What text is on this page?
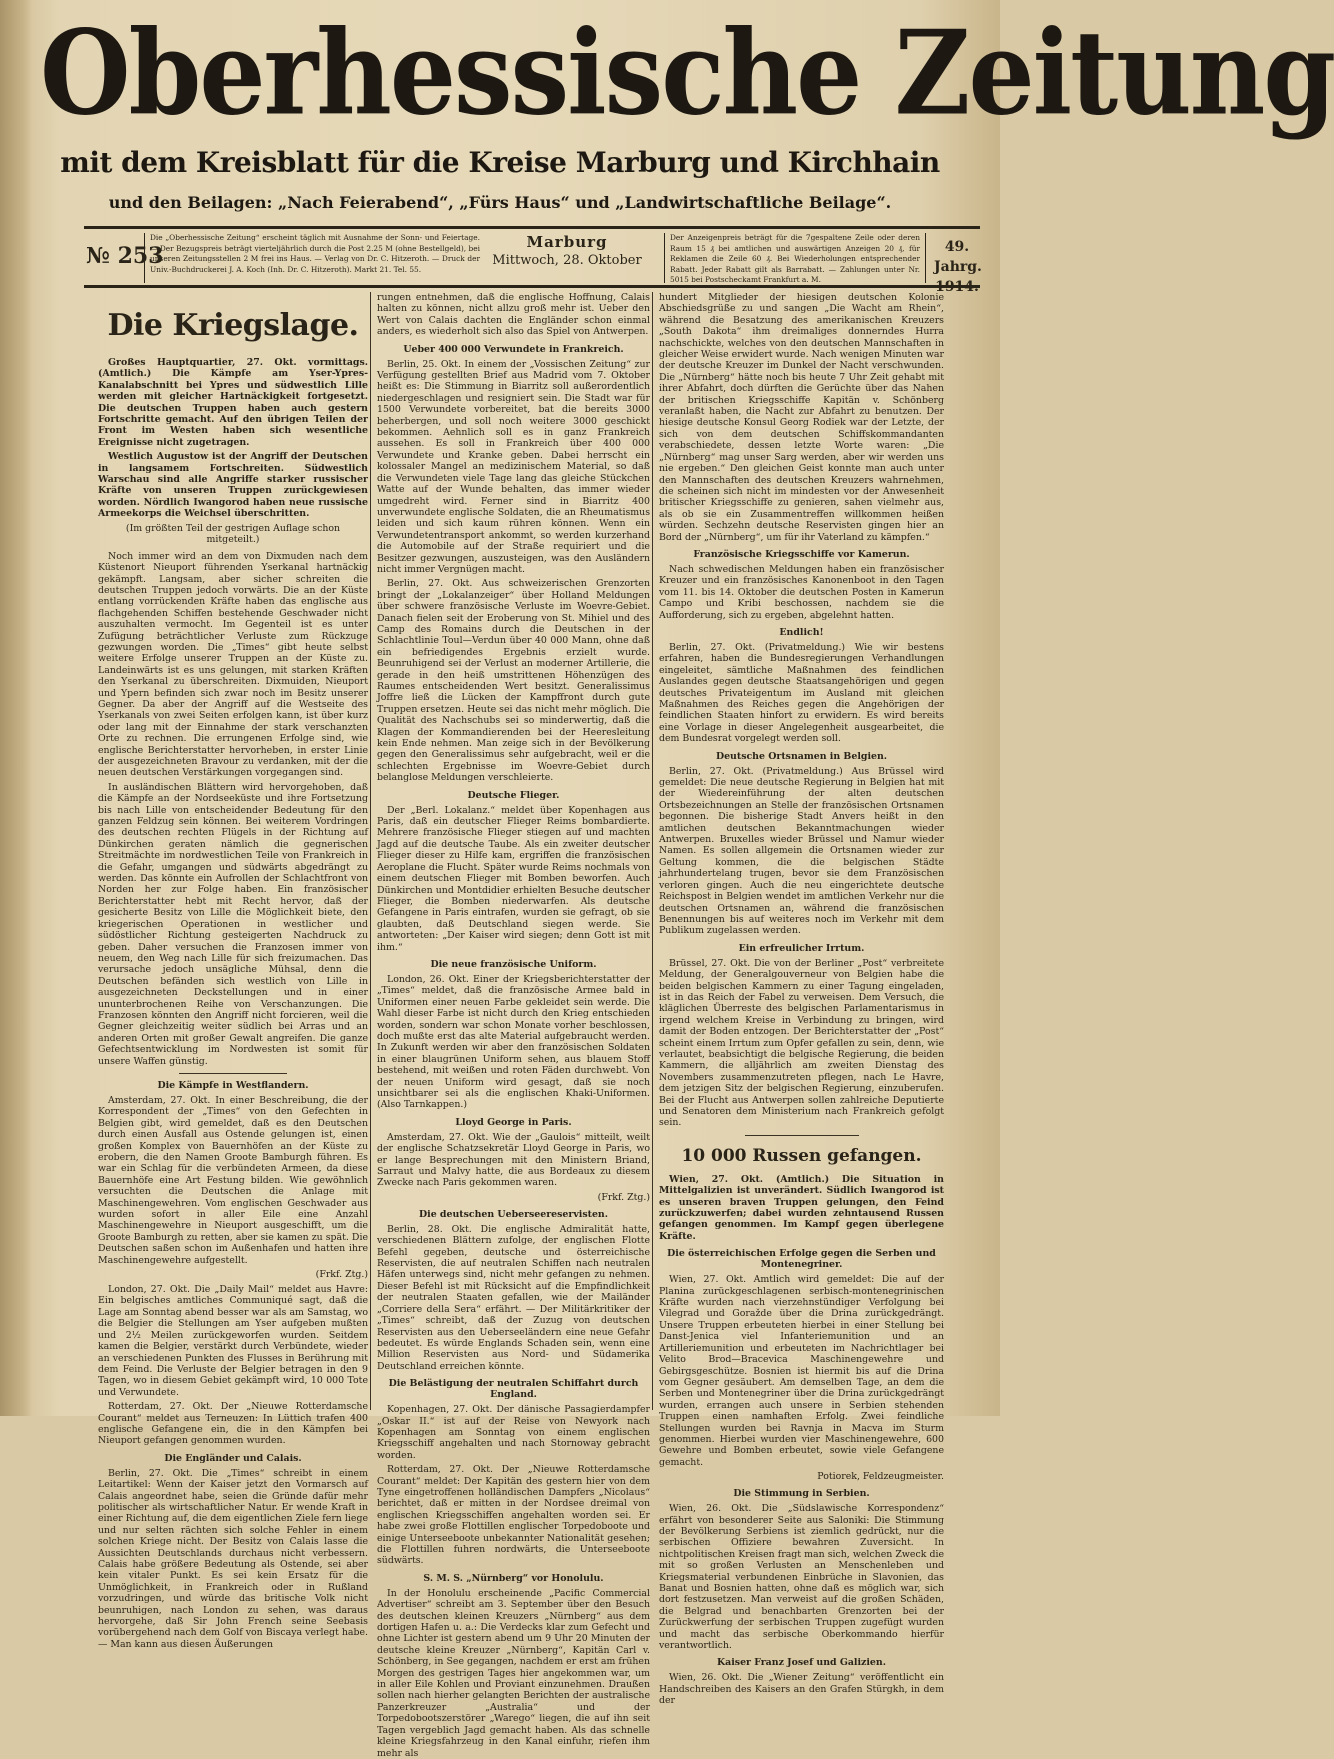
Oberhessische Zeitung
mit dem Kreisblatt für die Kreise Marburg und Kirchhain
und den Beilagen: „Nach Feierabend“, „Fürs Haus“ und „Landwirtschaftliche Beilage“.
№ 253
Die „Oberhessische Zeitung“ erscheint täglich mit Ausnahme der Sonn- und Feiertage. — Der Bezugspreis beträgt vierteljährlich durch die Post 2.25 M (ohne Bestellgeld), bei unseren Zeitungsstellen 2 M frei ins Haus. — Verlag von Dr. C. Hitzeroth. — Druck der Univ.-Buchdruckerei J. A. Koch (Inh. Dr. C. Hitzeroth). Markt 21. Tel. 55.
Marburg
Mittwoch, 28. Oktober
Der Anzeigenpreis beträgt für die 7gespaltene Zeile oder deren Raum 15 ₰ bei amtlichen und auswärtigen Anzeigen 20 ₰, für Reklamen die Zeile 60 ₰. Bei Wiederholungen entsprechender Rabatt. Jeder Rabatt gilt als Barrabatt. — Zahlungen unter Nr. 5015 bei Postscheckamt Frankfurt a. M.
49. Jahrg.
1914.
Die Kriegslage.

Großes Hauptquartier, 27. Okt. vormittags. (Amtlich.) Die Kämpfe am Yser-Ypres-Kanalabschnitt bei Ypres und südwestlich Lille werden mit gleicher Hartnäckigkeit fortgesetzt. Die deutschen Truppen haben auch gestern Fortschritte gemacht. Auf den übrigen Teilen der Front im Westen haben sich wesentliche Ereignisse nicht zugetragen.

Westlich Augustow ist der Angriff der Deutschen in langsamem Fortschreiten. Südwestlich Warschau sind alle Angriffe starker russischer Kräfte von unseren Truppen zurückgewiesen worden. Nördlich Iwangorod haben neue russische Armeekorps die Weichsel überschritten.

(Im größten Teil der gestrigen Auflage schon mitgeteilt.)

Noch immer wird an dem von Dixmuden nach dem Küstenort Nieuport führenden Yserkanal hartnäckig gekämpft. Langsam, aber sicher schreiten die deutschen Truppen jedoch vorwärts. Die an der Küste entlang vorrückenden Kräfte haben das englische aus flachgehenden Schiffen bestehende Geschwader nicht auszuhalten vermocht. Im Gegenteil ist es unter Zufügung beträchtlicher Verluste zum Rückzuge gezwungen worden. Die „Times“ gibt heute selbst weitere Erfolge unserer Truppen an der Küste zu. Landeinwärts ist es uns gelungen, mit starken Kräften den Yserkanal zu überschreiten. Dixmuiden, Nieuport und Ypern befinden sich zwar noch im Besitz unserer Gegner. Da aber der Angriff auf die Westseite des Yserkanals von zwei Seiten erfolgen kann, ist über kurz oder lang mit der Einnahme der stark verschanzten Orte zu rechnen. Die errungenen Erfolge sind, wie englische Berichterstatter hervorheben, in erster Linie der ausgezeichneten Bravour zu verdanken, mit der die neuen deutschen Verstärkungen vorgegangen sind.

In ausländischen Blättern wird hervorgehoben, daß die Kämpfe an der Nordseeküste und ihre Fortsetzung bis nach Lille von entscheidender Bedeutung für den ganzen Feldzug sein können. Bei weiterem Vordringen des deutschen rechten Flügels in der Richtung auf Dünkirchen geraten nämlich die gegnerischen Streitmächte im nordwestlichen Teile von Frankreich in die Gefahr, umgangen und südwärts abgedrängt zu werden. Das könnte ein Aufrollen der Schlachtfront von Norden her zur Folge haben. Ein französischer Berichterstatter hebt mit Recht hervor, daß der gesicherte Besitz von Lille die Möglichkeit biete, den kriegerischen Operationen in westlicher und südöstlicher Richtung gesteigerten Nachdruck zu geben. Daher versuchen die Franzosen immer von neuem, den Weg nach Lille für sich freizumachen. Das verursache jedoch unsägliche Mühsal, denn die Deutschen befänden sich westlich von Lille in ausgezeichneten Deckstellungen und in einer ununterbrochenen Reihe von Verschanzungen. Die Franzosen könnten den Angriff nicht forcieren, weil die Gegner gleichzeitig weiter südlich bei Arras und an anderen Orten mit großer Gewalt angreifen. Die ganze Gefechtsentwicklung im Nordwesten ist somit für unsere Waffen günstig.

Die Kämpfe in Westflandern.

Amsterdam, 27. Okt. In einer Beschreibung, die der Korrespondent der „Times“ von den Gefechten in Belgien gibt, wird gemeldet, daß es den Deutschen durch einen Ausfall aus Ostende gelungen ist, einen großen Komplex von Bauernhöfen an der Küste zu erobern, die den Namen Groote Bamburgh führen. Es war ein Schlag für die verbündeten Armeen, da diese Bauernhöfe eine Art Festung bilden. Wie gewöhnlich versuchten die Deutschen die Anlage mit Maschinengewehren. Vom englischen Geschwader aus wurden sofort in aller Eile eine Anzahl Maschinengewehre in Nieuport ausgeschifft, um die Groote Bamburgh zu retten, aber sie kamen zu spät. Die Deutschen saßen schon im Außenhafen und hatten ihre Maschinengewehre aufgestellt.

(Frkf. Ztg.)

London, 27. Okt. Die „Daily Mail“ meldet aus Havre: Ein belgisches amtliches Communiqué sagt, daß die Lage am Sonntag abend besser war als am Samstag, wo die Belgier die Stellungen am Yser aufgeben mußten und 2½ Meilen zurückgeworfen wurden. Seitdem kamen die Belgier, verstärkt durch Verbündete, wieder an verschiedenen Punkten des Flusses in Berührung mit dem Feind. Die Verluste der Belgier betragen in den 9 Tagen, wo in diesem Gebiet gekämpft wird, 10 000 Tote und Verwundete.

Rotterdam, 27. Okt. Der „Nieuwe Rotterdamsche Courant“ meldet aus Terneuzen: In Lüttich trafen 400 englische Gefangene ein, die in den Kämpfen bei Nieuport gefangen genommen wurden.

Die Engländer und Calais.

Berlin, 27. Okt. Die „Times“ schreibt in einem Leitartikel: Wenn der Kaiser jetzt den Vormarsch auf Calais angeordnet habe, seien die Gründe dafür mehr politischer als wirtschaftlicher Natur. Er wende Kraft in einer Richtung auf, die dem eigentlichen Ziele fern liege und nur selten rächten sich solche Fehler in einem solchen Kriege nicht. Der Besitz von Calais lasse die Aussichten Deutschlands durchaus nicht verbessern. Calais habe größere Bedeutung als Ostende, sei aber kein vitaler Punkt. Es sei kein Ersatz für die Unmöglichkeit, in Frankreich oder in Rußland vorzudringen, und würde das britische Volk nicht beunruhigen, nach London zu sehen, was daraus hervorgehe, daß Sir John French seine Seebasis vorübergehend nach dem Golf von Biscaya verlegt habe. — Man kann aus diesen Äußerungen

rungen entnehmen, daß die englische Hoffnung, Calais halten zu können, nicht allzu groß mehr ist. Ueber den Wert von Calais dachten die Engländer schon einmal anders, es wiederholt sich also das Spiel von Antwerpen.

Ueber 400 000 Verwundete in Frankreich.

Berlin, 25. Okt. In einem der „Vossischen Zeitung“ zur Verfügung gestellten Brief aus Madrid vom 7. Oktober heißt es: Die Stimmung in Biarritz soll außerordentlich niedergeschlagen und resigniert sein. Die Stadt war für 1500 Verwundete vorbereitet, bat die bereits 3000 beherbergen, und soll noch weitere 3000 geschickt bekommen. Aehnlich soll es in ganz Frankreich aussehen. Es soll in Frankreich über 400 000 Verwundete und Kranke geben. Dabei herrscht ein kolossaler Mangel an medizinischem Material, so daß die Verwundeten viele Tage lang das gleiche Stückchen Watte auf der Wunde behalten, das immer wieder umgedreht wird. Ferner sind in Biarritz 400 unverwundete englische Soldaten, die an Rheumatismus leiden und sich kaum rühren können. Wenn ein Verwundetentransport ankommt, so werden kurzerhand die Automobile auf der Straße requiriert und die Besitzer gezwungen, auszusteigen, was den Ausländern nicht immer Vergnügen macht.

Berlin, 27. Okt. Aus schweizerischen Grenzorten bringt der „Lokalanzeiger“ über Holland Meldungen über schwere französische Verluste im Woevre-Gebiet. Danach fielen seit der Eroberung von St. Mihiel und des Camp des Romains durch die Deutschen in der Schlachtlinie Toul—Verdun über 40 000 Mann, ohne daß ein befriedigendes Ergebnis erzielt wurde. Beunruhigend sei der Verlust an moderner Artillerie, die gerade in den heiß umstrittenen Höhenzügen des Raumes entscheidenden Wert besitzt. Generalissimus Joffre ließ die Lücken der Kampffront durch gute Truppen ersetzen. Heute sei das nicht mehr möglich. Die Qualität des Nachschubs sei so minderwertig, daß die Klagen der Kommandierenden bei der Heeresleitung kein Ende nehmen. Man zeige sich in der Bevölkerung gegen den Generalissimus sehr aufgebracht, weil er die schlechten Ergebnisse im Woevre-Gebiet durch belanglose Meldungen verschleierte.

Deutsche Flieger.

Der „Berl. Lokalanz.“ meldet über Kopenhagen aus Paris, daß ein deutscher Flieger Reims bombardierte. Mehrere französische Flieger stiegen auf und machten Jagd auf die deutsche Taube. Als ein zweiter deutscher Flieger dieser zu Hilfe kam, ergriffen die französischen Aeroplane die Flucht. Später wurde Reims nochmals von einem deutschen Flieger mit Bomben beworfen. Auch Dünkirchen und Montdidier erhielten Besuche deutscher Flieger, die Bomben niederwarfen. Als deutsche Gefangene in Paris eintrafen, wurden sie gefragt, ob sie glaubten, daß Deutschland siegen werde. Sie antworteten: „Der Kaiser wird siegen; denn Gott ist mit ihm.“

Die neue französische Uniform.

London, 26. Okt. Einer der Kriegsberichterstatter der „Times“ meldet, daß die französische Armee bald in Uniformen einer neuen Farbe gekleidet sein werde. Die Wahl dieser Farbe ist nicht durch den Krieg entschieden worden, sondern war schon Monate vorher beschlossen, doch mußte erst das alte Material aufgebraucht werden. In Zukunft werden wir aber den französischen Soldaten in einer blaugrünen Uniform sehen, aus blauem Stoff bestehend, mit weißen und roten Fäden durchwebt. Von der neuen Uniform wird gesagt, daß sie noch unsichtbarer sei als die englischen Khaki-Uniformen. (Also Tarnkappen.)

Lloyd George in Paris.

Amsterdam, 27. Okt. Wie der „Gaulois“ mitteilt, weilt der englische Schatzsekretär Lloyd George in Paris, wo er lange Besprechungen mit den Ministern Briand, Sarraut und Malvy hatte, die aus Bordeaux zu diesem Zwecke nach Paris gekommen waren.

(Frkf. Ztg.)
Die deutschen Ueberseereservisten.

Berlin, 28. Okt. Die englische Admiralität hatte, verschiedenen Blättern zufolge, der englischen Flotte Befehl gegeben, deutsche und österreichische Reservisten, die auf neutralen Schiffen nach neutralen Häfen unterwegs sind, nicht mehr gefangen zu nehmen. Dieser Befehl ist mit Rücksicht auf die Empfindlichkeit der neutralen Staaten gefallen, wie der Mailänder „Corriere della Sera“ erfährt. — Der Militärkritiker der „Times“ schreibt, daß der Zuzug von deutschen Reservisten aus den Ueberseeländern eine neue Gefahr bedeutet. Es würde Englands Schaden sein, wenn eine Million Reservisten aus Nord- und Südamerika Deutschland erreichen könnte.

Die Belästigung der neutralen Schiffahrt durch England.

Kopenhagen, 27. Okt. Der dänische Passagierdampfer „Oskar II.“ ist auf der Reise von Newyork nach Kopenhagen am Sonntag von einem englischen Kriegsschiff angehalten und nach Stornoway gebracht worden.

Rotterdam, 27. Okt. Der „Nieuwe Rotterdamsche Courant“ meldet: Der Kapitän des gestern hier von dem Tyne eingetroffenen holländischen Dampfers „Nicolaus“ berichtet, daß er mitten in der Nordsee dreimal von englischen Kriegsschiffen angehalten worden sei. Er habe zwei große Flottillen englischer Torpedoboote und einige Unterseeboote unbekannter Nationalität gesehen; die Flottillen fuhren nordwärts, die Unterseeboote südwärts.

S. M. S. „Nürnberg“ vor Honolulu.

In der Honolulu erscheinende „Pacific Commercial Advertiser“ schreibt am 3. September über den Besuch des deutschen kleinen Kreuzers „Nürnberg“ aus dem dortigen Hafen u. a.: Die Verdecks klar zum Gefecht und ohne Lichter ist gestern abend um 9 Uhr 20 Minuten der deutsche kleine Kreuzer „Nürnberg“, Kapitän Carl v. Schönberg, in See gegangen, nachdem er erst am frühen Morgen des gestrigen Tages hier angekommen war, um in aller Eile Kohlen und Proviant einzunehmen. Draußen sollen nach hierher gelangten Berichten der australische Panzerkreuzer „Australia“ und der Torpedobootszerstörer „Warego“ liegen, die auf ihn seit Tagen vergeblich Jagd gemacht haben. Als das schnelle kleine Kriegsfahrzeug in den Kanal einfuhr, riefen ihm mehr als

hundert Mitglieder der hiesigen deutschen Kolonie Abschiedsgrüße zu und sangen „Die Wacht am Rhein“, während die Besatzung des amerikanischen Kreuzers „South Dakota“ ihm dreimaliges donnerndes Hurra nachschickte, welches von den deutschen Mannschaften in gleicher Weise erwidert wurde. Nach wenigen Minuten war der deutsche Kreuzer im Dunkel der Nacht verschwunden. Die „Nürnberg“ hätte noch bis heute 7 Uhr Zeit gehabt mit ihrer Abfahrt, doch dürften die Gerüchte über das Nahen der britischen Kriegsschiffe Kapitän v. Schönberg veranlaßt haben, die Nacht zur Abfahrt zu benutzen. Der hiesige deutsche Konsul Georg Rodiek war der Letzte, der sich von dem deutschen Schiffskommandanten verabschiedete, dessen letzte Worte waren: „Die „Nürnberg“ mag unser Sarg werden, aber wir werden uns nie ergeben.“ Den gleichen Geist konnte man auch unter den Mannschaften des deutschen Kreuzers wahrnehmen, die scheinen sich nicht im mindesten vor der Anwesenheit britischer Kriegsschiffe zu genieren, sahen vielmehr aus, als ob sie ein Zusammentreffen willkommen heißen würden. Sechzehn deutsche Reservisten gingen hier an Bord der „Nürnberg“, um für ihr Vaterland zu kämpfen.“

Französische Kriegsschiffe vor Kamerun.

Nach schwedischen Meldungen haben ein französischer Kreuzer und ein französisches Kanonenboot in den Tagen vom 11. bis 14. Oktober die deutschen Posten in Kamerun Campo und Kribi beschossen, nachdem sie die Aufforderung, sich zu ergeben, abgelehnt hatten.

Endlich!

Berlin, 27. Okt. (Privatmeldung.) Wie wir bestens erfahren, haben die Bundesregierungen Verhandlungen eingeleitet, sämtliche Maßnahmen des feindlichen Auslandes gegen deutsche Staatsangehörigen und gegen deutsches Privateigentum im Ausland mit gleichen Maßnahmen des Reiches gegen die Angehörigen der feindlichen Staaten hinfort zu erwidern. Es wird bereits eine Vorlage in dieser Angelegenheit ausgearbeitet, die dem Bundesrat vorgelegt werden soll.

Deutsche Ortsnamen in Belgien.

Berlin, 27. Okt. (Privatmeldung.) Aus Brüssel wird gemeldet: Die neue deutsche Regierung in Belgien hat mit der Wiedereinführung der alten deutschen Ortsbezeichnungen an Stelle der französischen Ortsnamen begonnen. Die bisherige Stadt Anvers heißt in den amtlichen deutschen Bekanntmachungen wieder Antwerpen. Bruxelles wieder Brüssel und Namur wieder Namen. Es sollen allgemein die Ortsnamen wieder zur Geltung kommen, die die belgischen Städte jahrhundertelang trugen, bevor sie dem Französischen verloren gingen. Auch die neu eingerichtete deutsche Reichspost in Belgien wendet im amtlichen Verkehr nur die deutschen Ortsnamen an, während die französischen Benennungen bis auf weiteres noch im Verkehr mit dem Publikum zugelassen werden.

Ein erfreulicher Irrtum.

Brüssel, 27. Okt. Die von der Berliner „Post“ verbreitete Meldung, der Generalgouverneur von Belgien habe die beiden belgischen Kammern zu einer Tagung eingeladen, ist in das Reich der Fabel zu verweisen. Dem Versuch, die kläglichen Überreste des belgischen Parlamentarismus in irgend welchem Kreise in Verbindung zu bringen, wird damit der Boden entzogen. Der Berichterstatter der „Post“ scheint einem Irrtum zum Opfer gefallen zu sein, denn, wie verlautet, beabsichtigt die belgische Regierung, die beiden Kammern, die alljährlich am zweiten Dienstag des Novembers zusammenzutreten pflegen, nach Le Havre, dem jetzigen Sitz der belgischen Regierung, einzuberufen. Bei der Flucht aus Antwerpen sollen zahlreiche Deputierte und Senatoren dem Ministerium nach Frankreich gefolgt sein.

10 000 Russen gefangen.

Wien, 27. Okt. (Amtlich.) Die Situation in Mittelgalizien ist unverändert. Südlich Iwangorod ist es unseren braven Truppen gelungen, den Feind zurückzuwerfen; dabei wurden zehntausend Russen gefangen genommen. Im Kampf gegen überlegene Kräfte.

Die österreichischen Erfolge gegen die Serben und Montenegriner.

Wien, 27. Okt. Amtlich wird gemeldet: Die auf der Planina zurückgeschlagenen serbisch-montenegrinischen Kräfte wurden nach vierzehnstündiger Verfolgung bei Vilegrad und Goražde über die Drina zurückgedrängt. Unsere Truppen erbeuteten hierbei in einer Stellung bei Danst-Jenica viel Infanteriemunition und an Artilleriemunition und erbeuteten im Nachrichtlager bei Velito Brod—Bracevica Maschinengewehre und Gebirgsgeschütze. Bosnien ist hiermit bis auf die Drina vom Gegner gesäubert. Am demselben Tage, an dem die Serben und Montenegriner über die Drina zurückgedrängt wurden, errangen auch unsere in Serbien stehenden Truppen einen namhaften Erfolg. Zwei feindliche Stellungen wurden bei Ravnja in Macva im Sturm genommen. Hierbei wurden vier Maschinengewehre, 600 Gewehre und Bomben erbeutet, sowie viele Gefangene gemacht.

Potiorek, Feldzeugmeister.
Die Stimmung in Serbien.

Wien, 26. Okt. Die „Südslawische Korrespondenz“ erfährt von besonderer Seite aus Saloniki: Die Stimmung der Bevölkerung Serbiens ist ziemlich gedrückt, nur die serbischen Offiziere bewahren Zuversicht. In nichtpolitischen Kreisen fragt man sich, welchen Zweck die mit so großen Verlusten an Menschenleben und Kriegsmaterial verbundenen Einbrüche in Slavonien, das Banat und Bosnien hatten, ohne daß es möglich war, sich dort festzusetzen. Man verweist auf die großen Schäden, die Belgrad und benachbarten Grenzorten bei der Zurückwerfung der serbischen Truppen zugefügt wurden und macht das serbische Oberkommando hierfür verantwortlich.

Kaiser Franz Josef und Galizien.

Wien, 26. Okt. Die „Wiener Zeitung“ veröffentlicht ein Handschreiben des Kaisers an den Grafen Stürgkh, in dem der
